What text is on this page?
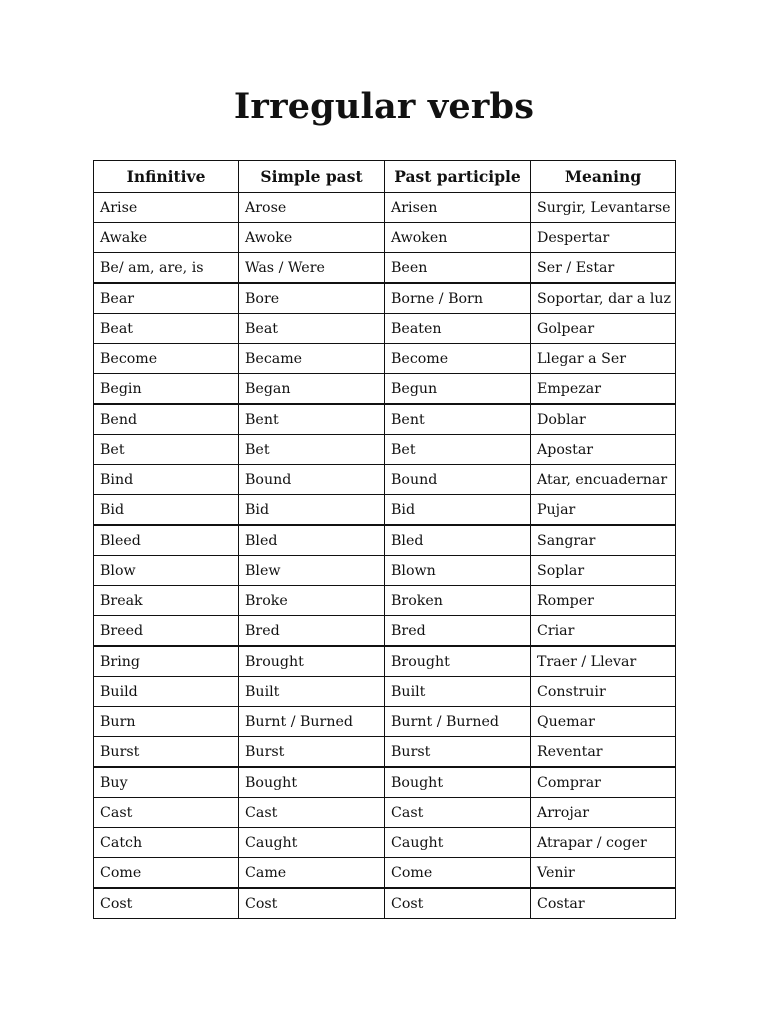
Irregular verbs
Infinitive	Simple past	Past participle	Meaning
Arise	Arose	Arisen	Surgir, Levantarse
Awake	Awoke	Awoken	Despertar
Be/ am, are, is	Was / Were	Been	Ser / Estar
Bear	Bore	Borne / Born	Soportar, dar a luz
Beat	Beat	Beaten	Golpear
Become	Became	Become	Llegar a Ser
Begin	Began	Begun	Empezar
Bend	Bent	Bent	Doblar
Bet	Bet	Bet	Apostar
Bind	Bound	Bound	Atar, encuadernar
Bid	Bid	Bid	Pujar
Bleed	Bled	Bled	Sangrar
Blow	Blew	Blown	Soplar
Break	Broke	Broken	Romper
Breed	Bred	Bred	Criar
Bring	Brought	Brought	Traer / Llevar
Build	Built	Built	Construir
Burn	Burnt / Burned	Burnt / Burned	Quemar
Burst	Burst	Burst	Reventar
Buy	Bought	Bought	Comprar
Cast	Cast	Cast	Arrojar
Catch	Caught	Caught	Atrapar / coger
Come	Came	Come	Venir
Cost	Cost	Cost	Costar
